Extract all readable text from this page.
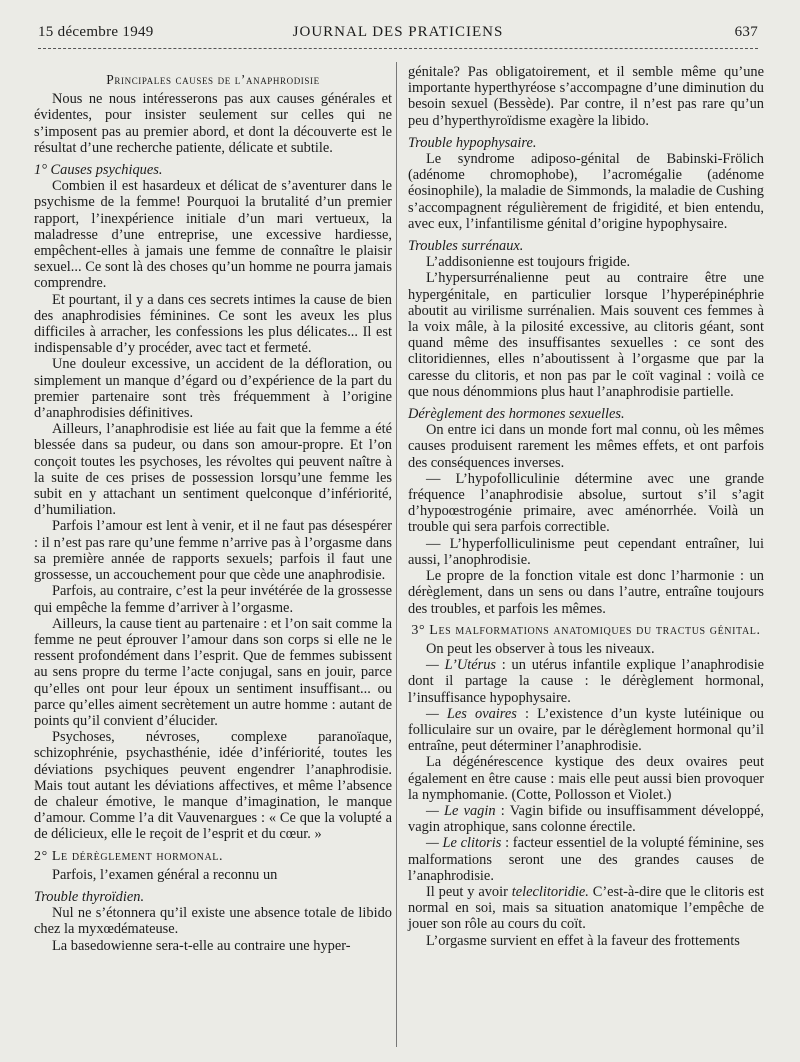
15 décembre 1949	JOURNAL DES PRATICIENS	637
Principales causes de l’anaphrodisie

Nous ne nous intéresserons pas aux causes générales et évidentes, pour insister seulement sur celles qui ne s’imposent pas au premier abord, et dont la découverte est le résultat d’une recherche patiente, délicate et subtile.

1° Causes psychiques.

Combien il est hasardeux et délicat de s’aventurer dans le psychisme de la femme! Pourquoi la brutalité d’un premier rapport, l’inexpérience initiale d’un mari vertueux, la maladresse d’une entreprise, une excessive hardiesse, empêchent-elles à jamais une femme de connaître le plaisir sexuel... Ce sont là des choses qu’un homme ne pourra jamais comprendre.

Et pourtant, il y a dans ces secrets intimes la cause de bien des anaphrodisies féminines. Ce sont les aveux les plus difficiles à arracher, les confessions les plus délicates... Il est indispensable d’y procéder, avec tact et fermeté.

Une douleur excessive, un accident de la défloration, ou simplement un manque d’égard ou d’expérience de la part du premier partenaire sont très fréquemment à l’origine d’anaphrodisies définitives.

Ailleurs, l’anaphrodisie est liée au fait que la femme a été blessée dans sa pudeur, ou dans son amour-propre. Et l’on conçoit toutes les psychoses, les révoltes qui peuvent naître à la suite de ces prises de possession lorsqu’une femme les subit en y attachant un sentiment quelconque d’infériorité, d’humiliation.

Parfois l’amour est lent à venir, et il ne faut pas désespérer : il n’est pas rare qu’une femme n’arrive pas à l’orgasme dans sa première année de rapports sexuels; parfois il faut une grossesse, un accouchement pour que cède une anaphrodisie.

Parfois, au contraire, c’est la peur invétérée de la grossesse qui empêche la femme d’arriver à l’orgasme.

Ailleurs, la cause tient au partenaire : et l’on sait comme la femme ne peut éprouver l’amour dans son corps si elle ne le ressent profondément dans l’esprit. Que de femmes subissent au sens propre du terme l’acte conjugal, sans en jouir, parce qu’elles ont pour leur époux un sentiment insuffisant... ou parce qu’elles aiment secrètement un autre homme : autant de points qu’il convient d’élucider.

Psychoses, névroses, complexe paranoïaque, schizophrénie, psychasthénie, idée d’infériorité, toutes les déviations psychiques peuvent engendrer l’anaphrodisie. Mais tout autant les déviations affectives, et même l’absence de chaleur émotive, le manque d’imagination, le manque d’amour. Comme l’a dit Vauvenargues : « Ce que la volupté a de délicieux, elle le reçoit de l’esprit et du cœur. »

2° Le dérèglement hormonal.

Parfois, l’examen général a reconnu un

Trouble thyroïdien.

Nul ne s’étonnera qu’il existe une absence totale de libido chez la myxœdémateuse.

La basedowienne sera-t-elle au contraire une hyper-

génitale? Pas obligatoirement, et il semble même qu’une importante hyperthyréose s’accompagne d’une diminution du besoin sexuel (Bessède). Par contre, il n’est pas rare qu’un peu d’hyperthyroïdisme exagère la libido.

Trouble hypophysaire.

Le syndrome adiposo-génital de Babinski-Frölich (adénome chromophobe), l’acromégalie (adénome éosinophile), la maladie de Simmonds, la maladie de Cushing s’accompagnent régulièrement de frigidité, et bien entendu, avec eux, l’infantilisme génital d’origine hypophysaire.

Troubles surrénaux.

L’addisonienne est toujours frigide.

L’hypersurrénalienne peut au contraire être une hypergénitale, en particulier lorsque l’hyperépinéphrie aboutit au virilisme surrénalien. Mais souvent ces femmes à la voix mâle, à la pilosité excessive, au clitoris géant, sont quand même des insuffisantes sexuelles : ce sont des clitoridiennes, elles n’aboutissent à l’orgasme que par la caresse du clitoris, et non pas par le coït vaginal : voilà ce que nous dénommions plus haut l’anaphrodisie partielle.

Dérèglement des hormones sexuelles.

On entre ici dans un monde fort mal connu, où les mêmes causes produisent rarement les mêmes effets, et ont parfois des conséquences inverses.

— L’hypofolliculinie détermine avec une grande fréquence l’anaphrodisie absolue, surtout s’il s’agit d’hypoœstrogénie primaire, avec aménorrhée. Voilà un trouble qui sera parfois correctible.

— L’hyperfolliculinisme peut cependant entraîner, lui aussi, l’anophrodisie.

Le propre de la fonction vitale est donc l’harmonie : un dérèglement, dans un sens ou dans l’autre, entraîne toujours des troubles, et parfois les mêmes.

3° Les malformations anatomiques du tractus génital.

On peut les observer à tous les niveaux.

— L’Utérus : un utérus infantile explique l’anaphrodisie dont il partage la cause : le dérèglement hormonal, l’insuffisance hypophysaire.

— Les ovaires : L’existence d’un kyste lutéinique ou folliculaire sur un ovaire, par le dérèglement hormonal qu’il entraîne, peut déterminer l’anaphrodisie.

La dégénérescence kystique des deux ovaires peut également en être cause : mais elle peut aussi bien provoquer la nymphomanie. (Cotte, Pollosson et Violet.)

— Le vagin : Vagin bifide ou insuffisamment développé, vagin atrophique, sans colonne érectile.

— Le clitoris : facteur essentiel de la volupté féminine, ses malformations seront une des grandes causes de l’anaphrodisie.

Il peut y avoir teleclitoridie. C’est-à-dire que le clitoris est normal en soi, mais sa situation anatomique l’empêche de jouer son rôle au cours du coït.

L’orgasme survient en effet à la faveur des frottements
